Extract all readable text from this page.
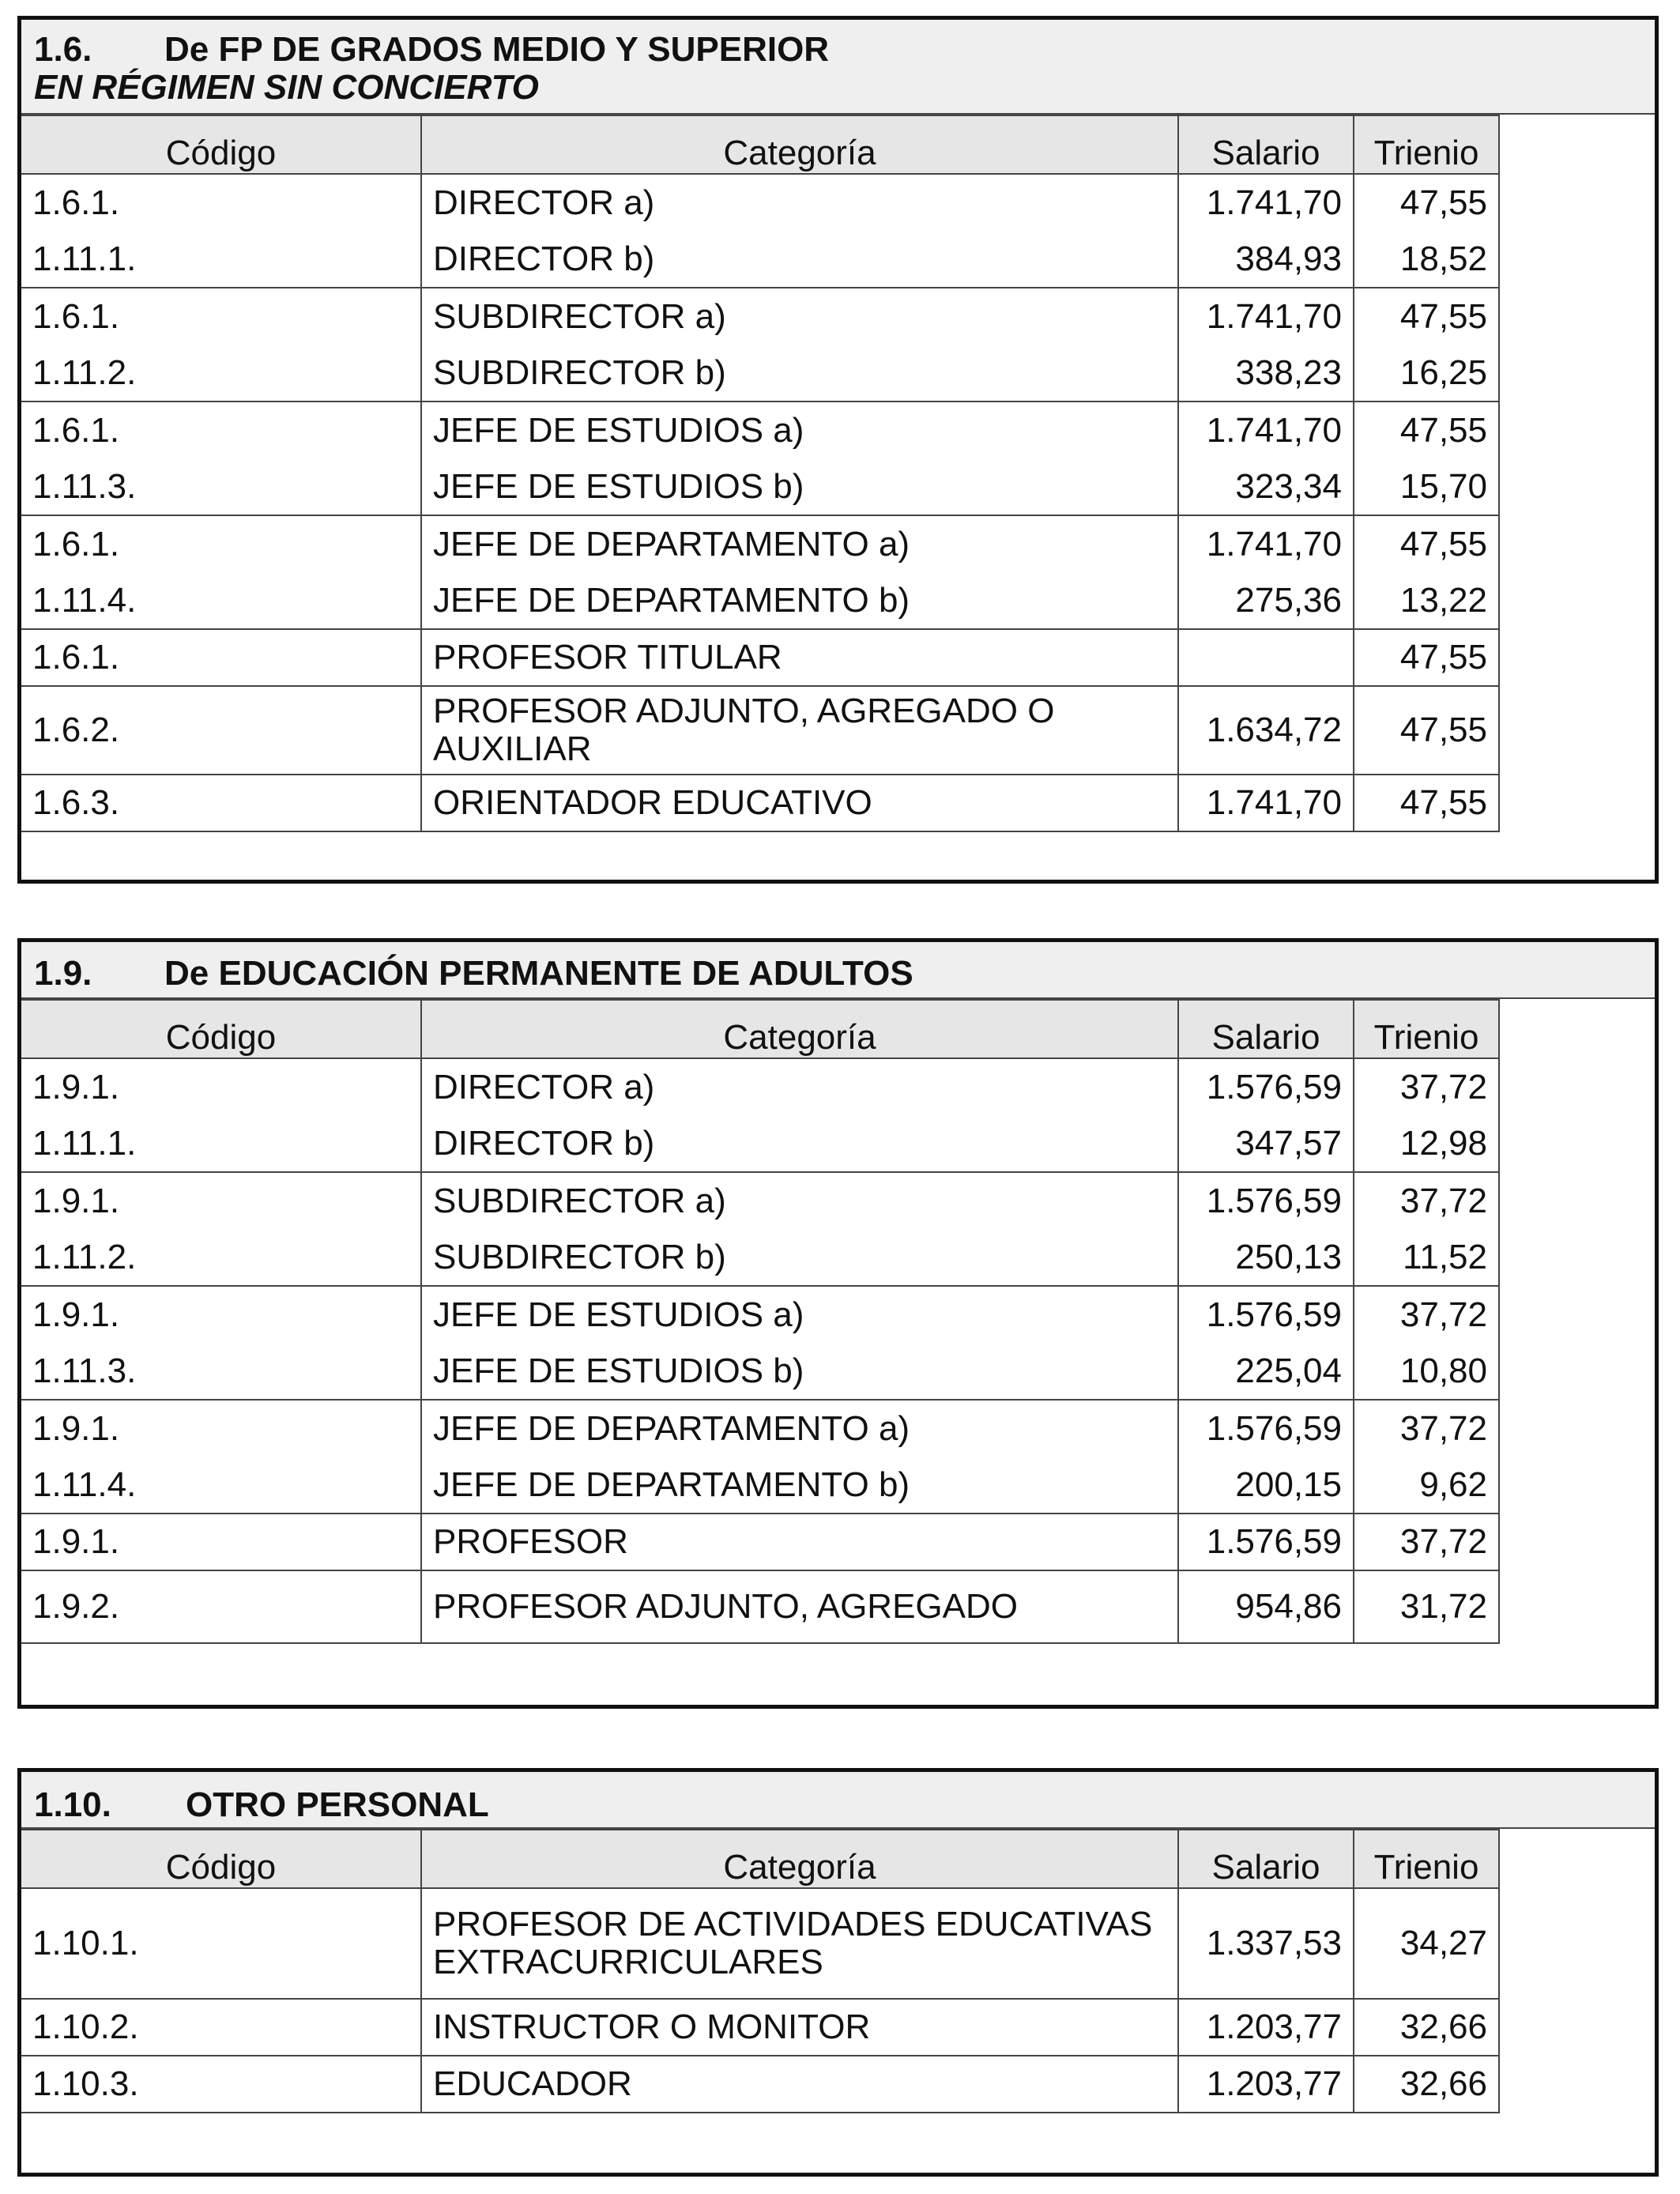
1.6. De FP DE GRADOS MEDIO Y SUPERIOR
EN RÉGIMEN SIN CONCIERTO
Código	Categoría	Salario	Trienio
1.6.1.	DIRECTOR a)	1.741,70	47,55
1.11.1.	DIRECTOR b)	384,93	18,52
1.6.1.	SUBDIRECTOR a)	1.741,70	47,55
1.11.2.	SUBDIRECTOR b)	338,23	16,25
1.6.1.	JEFE DE ESTUDIOS a)	1.741,70	47,55
1.11.3.	JEFE DE ESTUDIOS b)	323,34	15,70
1.6.1.	JEFE DE DEPARTAMENTO a)	1.741,70	47,55
1.11.4.	JEFE DE DEPARTAMENTO b)	275,36	13,22
1.6.1.	PROFESOR TITULAR		47,55
1.6.2.	PROFESOR ADJUNTO, AGREGADO O AUXILIAR	1.634,72	47,55
1.6.3.	ORIENTADOR EDUCATIVO	1.741,70	47,55
1.9. De EDUCACIÓN PERMANENTE DE ADULTOS
Código	Categoría	Salario	Trienio
1.9.1.	DIRECTOR a)	1.576,59	37,72
1.11.1.	DIRECTOR b)	347,57	12,98
1.9.1.	SUBDIRECTOR a)	1.576,59	37,72
1.11.2.	SUBDIRECTOR b)	250,13	11,52
1.9.1.	JEFE DE ESTUDIOS a)	1.576,59	37,72
1.11.3.	JEFE DE ESTUDIOS b)	225,04	10,80
1.9.1.	JEFE DE DEPARTAMENTO a)	1.576,59	37,72
1.11.4.	JEFE DE DEPARTAMENTO b)	200,15	9,62
1.9.1.	PROFESOR	1.576,59	37,72
1.9.2.	PROFESOR ADJUNTO, AGREGADO	954,86	31,72
1.10. OTRO PERSONAL
Código	Categoría	Salario	Trienio
1.10.1.	PROFESOR DE ACTIVIDADES EDUCATIVAS EXTRACURRICULARES	1.337,53	34,27
1.10.2.	INSTRUCTOR O MONITOR	1.203,77	32,66
1.10.3.	EDUCADOR	1.203,77	32,66
